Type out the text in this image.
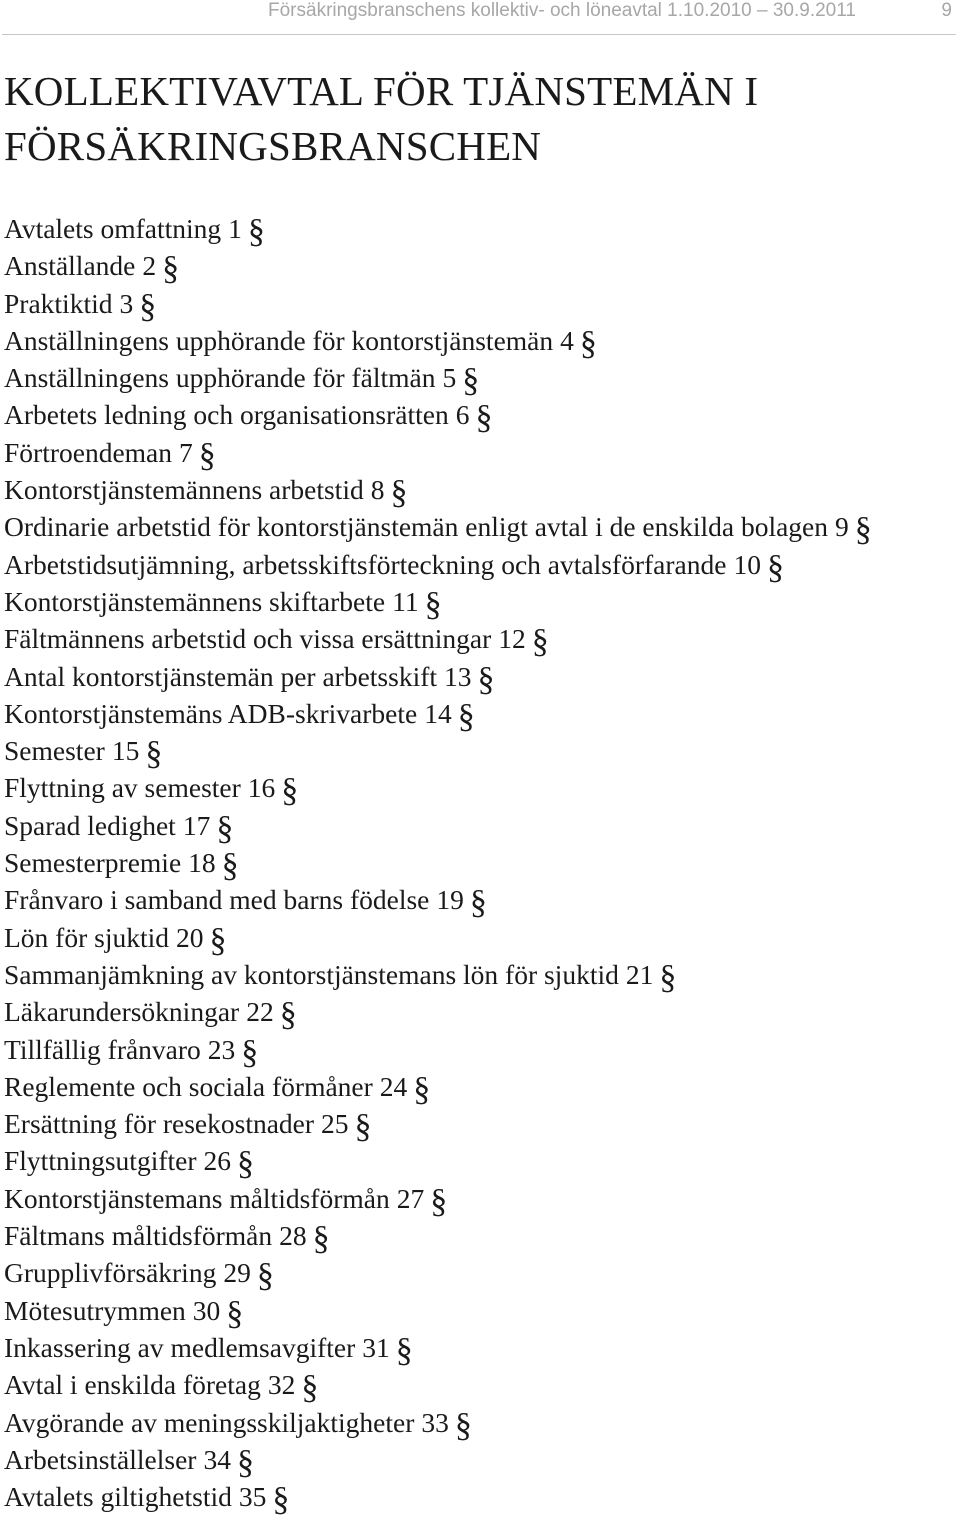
Försäkringsbranschens kollektiv- och löneavtal 1.10.2010 – 30.9.2011	9
KOLLEKTIVAVTAL FÖR TJÄNSTEMÄN I
FÖRSÄKRINGSBRANSCHEN
Avtalets omfattning 1 §
Anställande 2 §
Praktiktid 3 §
Anställningens upphörande för kontorstjänstemän 4 §
Anställningens upphörande för fältmän 5 §
Arbetets ledning och organisationsrätten 6 §
Förtroendeman 7 §
Kontorstjänstemännens arbetstid 8 §
Ordinarie arbetstid för kontorstjänstemän enligt avtal i de enskilda bolagen 9 §
Arbetstidsutjämning, arbetsskiftsförteckning och avtalsförfarande 10 §
Kontorstjänstemännens skiftarbete 11 §
Fältmännens arbetstid och vissa ersättningar 12 §
Antal kontorstjänstemän per arbetsskift 13 §
Kontorstjänstemäns ADB-skrivarbete 14 §
Semester 15 §
Flyttning av semester 16 §
Sparad ledighet 17 §
Semesterpremie 18 §
Frånvaro i samband med barns födelse 19 §
Lön för sjuktid 20 §
Sammanjämkning av kontorstjänstemans lön för sjuktid 21 §
Läkarundersökningar 22 §
Tillfällig frånvaro 23 §
Reglemente och sociala förmåner 24 §
Ersättning för resekostnader 25 §
Flyttningsutgifter 26 §
Kontorstjänstemans måltidsförmån 27 §
Fältmans måltidsförmån 28 §
Grupplivförsäkring 29 §
Mötesutrymmen 30 §
Inkassering av medlemsavgifter 31 §
Avtal i enskilda företag 32 §
Avgörande av meningsskiljaktigheter 33 §
Arbetsinställelser 34 §
Avtalets giltighetstid 35 §
